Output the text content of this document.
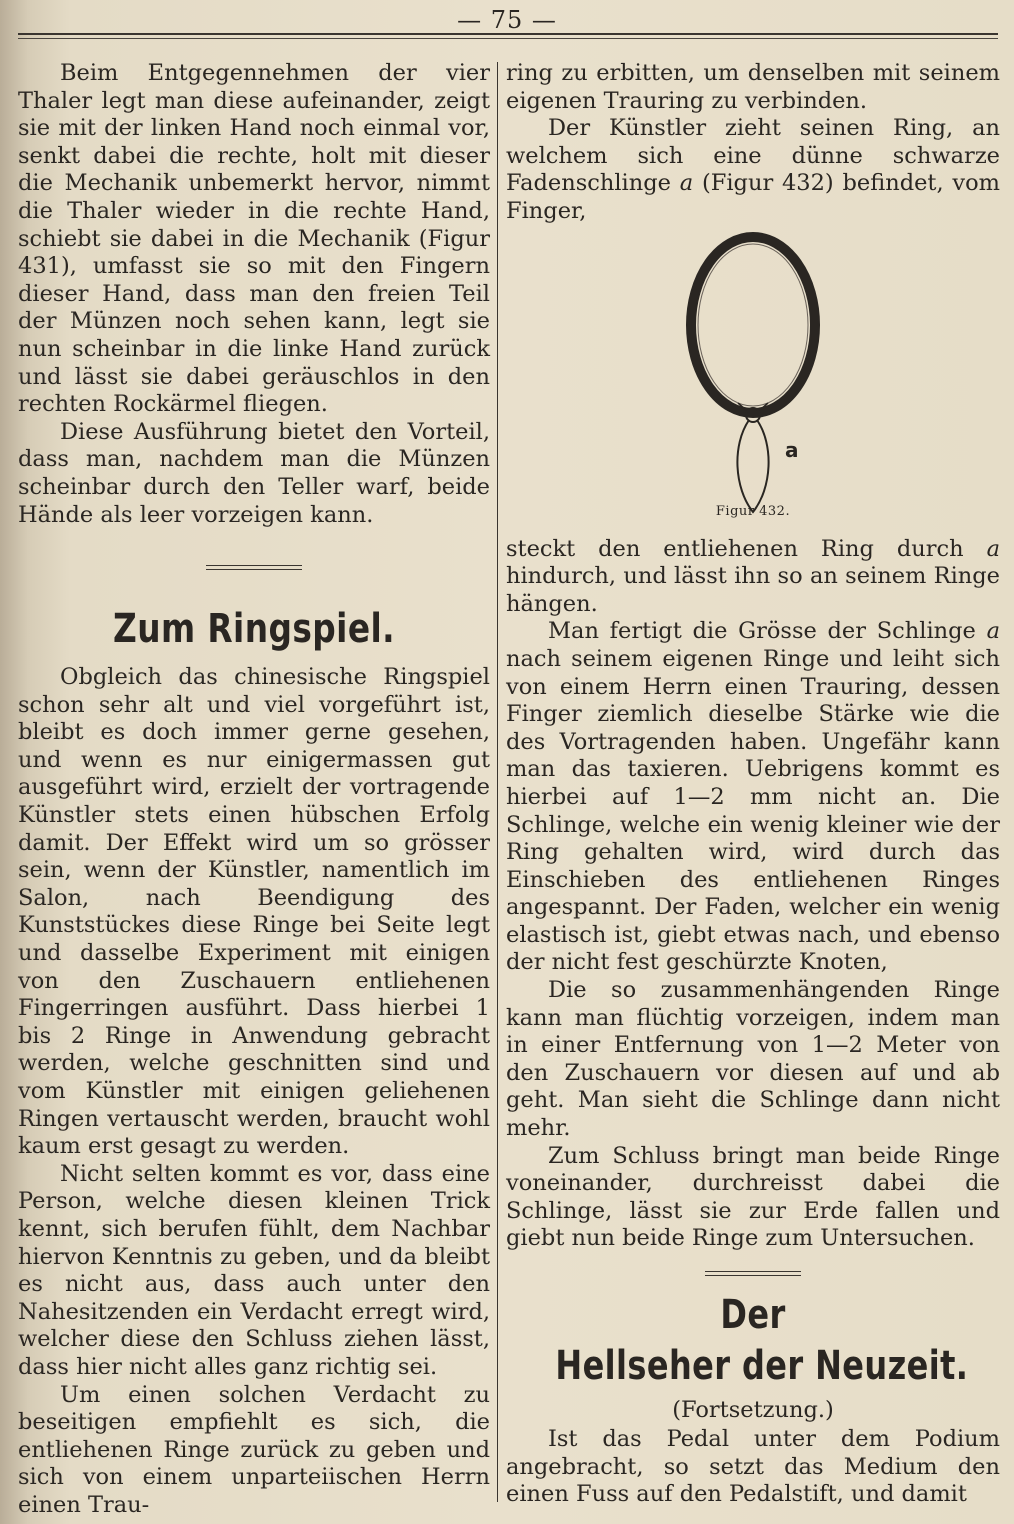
— 75 —

Beim Entgegennehmen der vier Thaler legt man diese aufeinander, zeigt sie mit der linken Hand noch einmal vor, senkt dabei die rechte, holt mit dieser die Mechanik unbemerkt hervor, nimmt die Thaler wieder in die rechte Hand, schiebt sie dabei in die Mechanik (Figur 431), umfasst sie so mit den Fingern dieser Hand, dass man den freien Teil der Münzen noch sehen kann, legt sie nun scheinbar in die linke Hand zurück und lässt sie dabei geräuschlos in den rechten Rockärmel fliegen.

Diese Ausführung bietet den Vorteil, dass man, nachdem man die Münzen scheinbar durch den Teller warf, beide Hände als leer vorzeigen kann.

Zum Ringspiel.

Obgleich das chinesische Ringspiel schon sehr alt und viel vorgeführt ist, bleibt es doch immer gerne gesehen, und wenn es nur einigermassen gut ausgeführt wird, erzielt der vortragende Künstler stets einen hübschen Erfolg damit. Der Effekt wird um so grösser sein, wenn der Künstler, namentlich im Salon, nach Beendigung des Kunststückes diese Ringe bei Seite legt und dasselbe Experiment mit einigen von den Zuschauern entliehenen Fingerringen ausführt. Dass hierbei 1 bis 2 Ringe in Anwendung gebracht werden, welche geschnitten sind und vom Künstler mit einigen geliehenen Ringen vertauscht werden, braucht wohl kaum erst gesagt zu werden.

Nicht selten kommt es vor, dass eine Person, welche diesen kleinen Trick kennt, sich berufen fühlt, dem Nachbar hiervon Kenntnis zu geben, und da bleibt es nicht aus, dass auch unter den Nahesitzenden ein Verdacht erregt wird, welcher diese den Schluss ziehen lässt, dass hier nicht alles ganz richtig sei.

Um einen solchen Verdacht zu beseitigen empfiehlt es sich, die entliehenen Ringe zurück zu geben und sich von einem unparteiischen Herrn einen Trau-

ring zu erbitten, um denselben mit seinem eigenen Trauring zu verbinden.

Der Künstler zieht seinen Ring, an welchem sich eine dünne schwarze Fadenschlinge a (Figur 432) befindet, vom Finger,

a
Figur 432.

steckt den entliehenen Ring durch a hindurch, und lässt ihn so an seinem Ringe hängen.

Man fertigt die Grösse der Schlinge a nach seinem eigenen Ringe und leiht sich von einem Herrn einen Trauring, dessen Finger ziemlich dieselbe Stärke wie die des Vortragenden haben. Ungefähr kann man das taxieren. Uebrigens kommt es hierbei auf 1—2 mm nicht an. Die Schlinge, welche ein wenig kleiner wie der Ring gehalten wird, wird durch das Einschieben des entliehenen Ringes angespannt. Der Faden, welcher ein wenig elastisch ist, giebt etwas nach, und ebenso der nicht fest geschürzte Knoten,

Die so zusammenhängenden Ringe kann man flüchtig vorzeigen, indem man in einer Entfernung von 1—2 Meter von den Zuschauern vor diesen auf und ab geht. Man sieht die Schlinge dann nicht mehr.

Zum Schluss bringt man beide Ringe voneinander, durchreisst dabei die Schlinge, lässt sie zur Erde fallen und giebt nun beide Ringe zum Untersuchen.

Der
Hellseher der Neuzeit.
(Fortsetzung.)

Ist das Pedal unter dem Podium angebracht, so setzt das Medium den einen Fuss auf den Pedalstift, und damit
